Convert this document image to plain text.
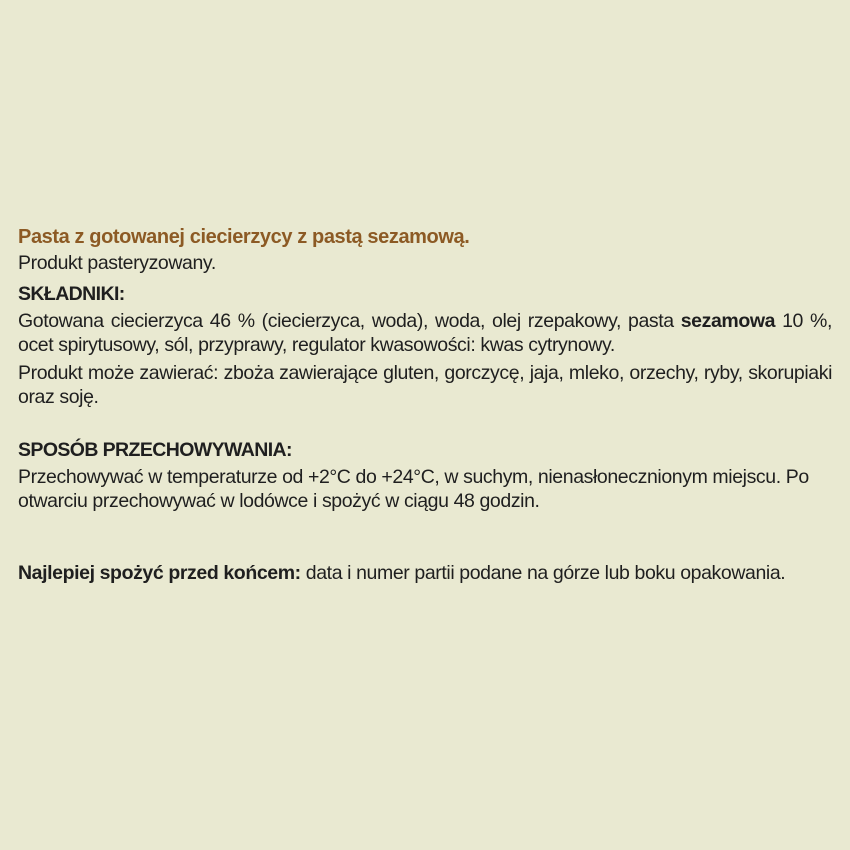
Pasta z gotowanej ciecierzycy z pastą sezamową.

Produkt pasteryzowany.

SKŁADNIKI:

Gotowana ciecierzyca 46 % (ciecierzyca, woda), woda, olej rzepakowy, pasta sezamowa 10 %, ocet spirytusowy, sól, przyprawy, regulator kwasowości: kwas cytrynowy.

Produkt może zawierać: zboża zawierające gluten, gorczycę, jaja, mleko, orzechy, ryby, skorupiaki oraz soję.

SPOSÓB PRZECHOWYWANIA:

Przechowywać w temperaturze od +2°C do +24°C, w suchym, nienasłonecznionym miejscu. Po otwarciu przechowywać w lodówce i spożyć w ciągu 48 godzin.

Najlepiej spożyć przed końcem: data i numer partii podane na górze lub boku opakowania.
